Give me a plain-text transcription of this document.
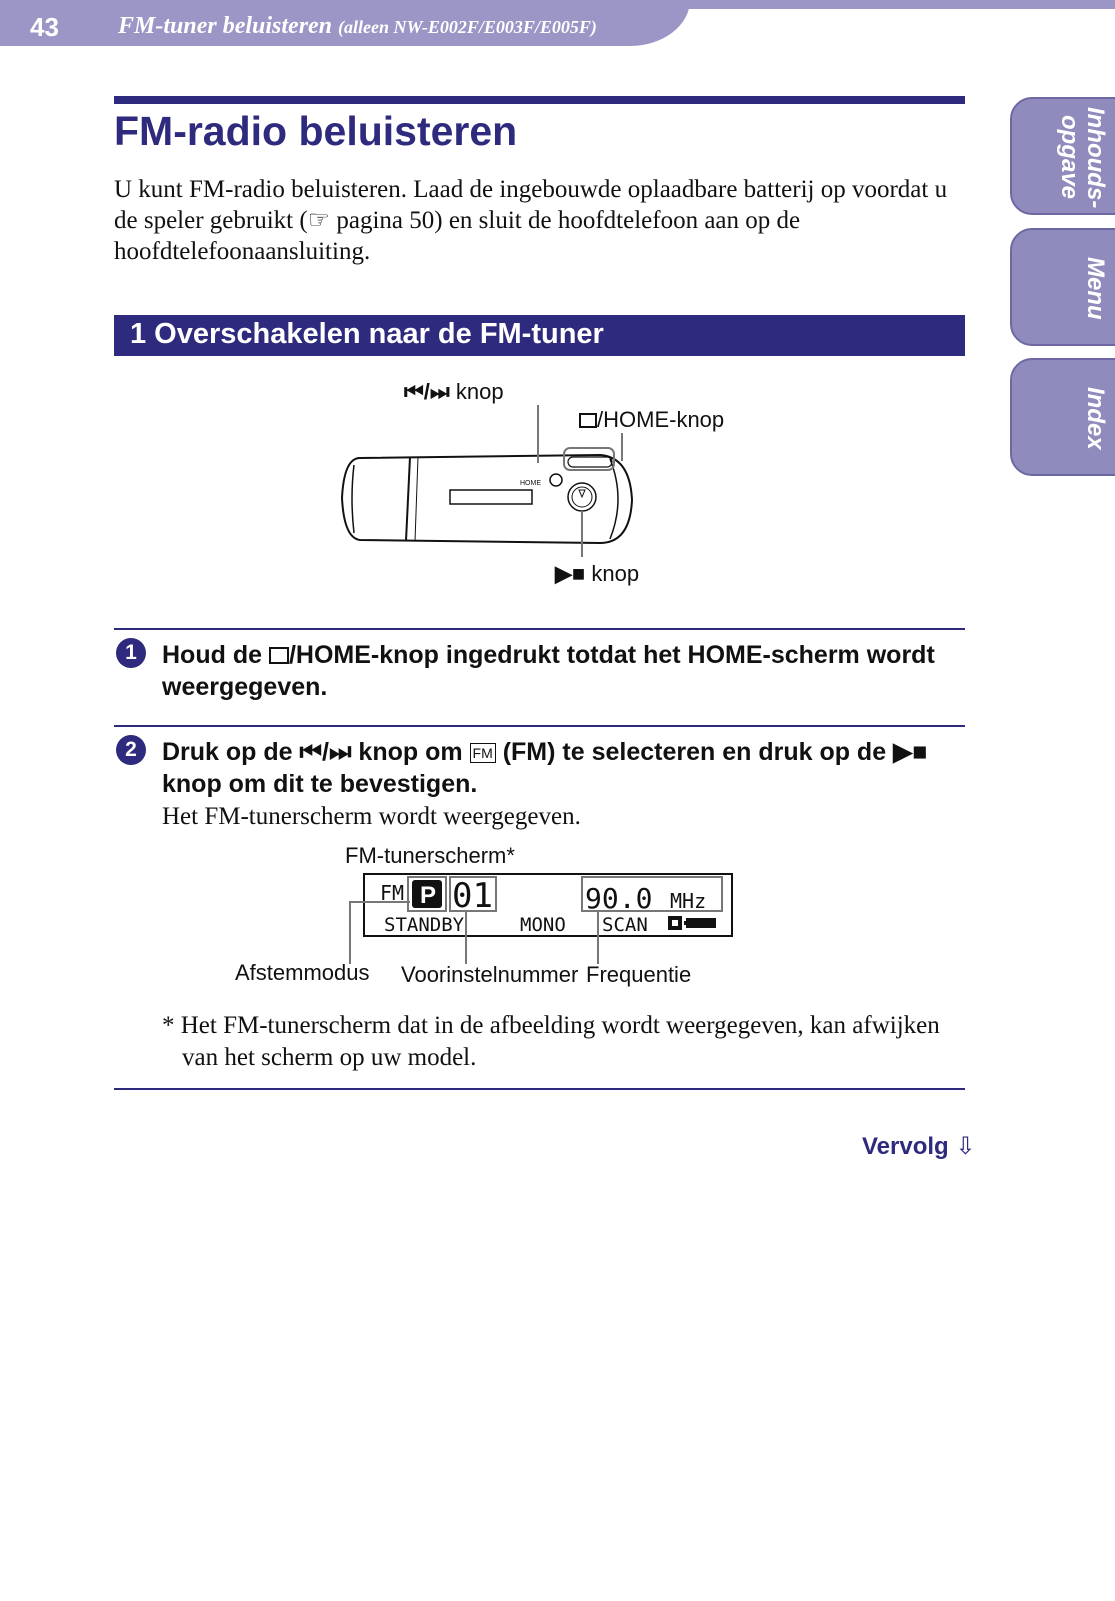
43 FM-tuner beluisteren (alleen NW-E002F/E003F/E005F)
Inhouds-opgave
Menu
Index
FM-radio beluisteren
U kunt FM-radio beluisteren. Laad de ingebouwde oplaadbare batterij op voordat u de speler gebruikt (☞ pagina 50) en sluit de hoofdtelefoon aan op de hoofdtelefoonaansluiting.
1 Overschakelen naar de FM-tuner
HOME
⏮/⏭ knop
/HOME-knop
▶■ knop
1	Houd de /HOME-knop ingedrukt totdat het HOME-scherm wordt weergegeven.
2	Druk op de ⏮/⏭ knop om FM (FM) te selecteren en druk op de ▶■ knop om dit te bevestigen.
Het FM-tunerscherm wordt weergegeven.
FM-tunerscherm*
P
FM 01	90.0 MHz
STANDBY	MONO SCAN
Afstemmodus Voorinstelnummer Frequentie
* Het FM-tunerscherm dat in de afbeelding wordt weergegeven, kan afwijken van het scherm op uw model.
Vervolg ⇩
